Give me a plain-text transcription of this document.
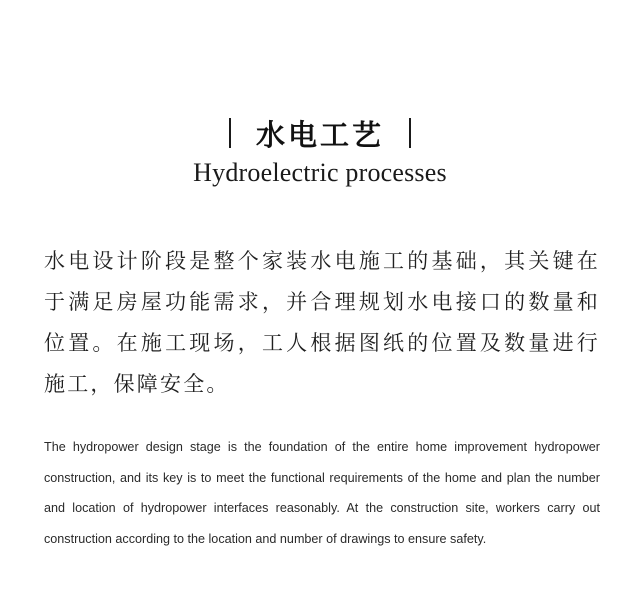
水电工艺
Hydroelectric processes

水电设计阶段是整个家装水电施工的基础，其关键在于满足房屋功能需求，并合理规划水电接口的数量和位置。在施工现场，工人根据图纸的位置及数量进行施工，保障安全。

The hydropower design stage is the foundation of the entire home improvement hydropower construction, and its key is to meet the functional requirements of the home and plan the number and location of hydropower interfaces reasonably. At the construction site, workers carry out construction according to the location and number of drawings to ensure safety.
